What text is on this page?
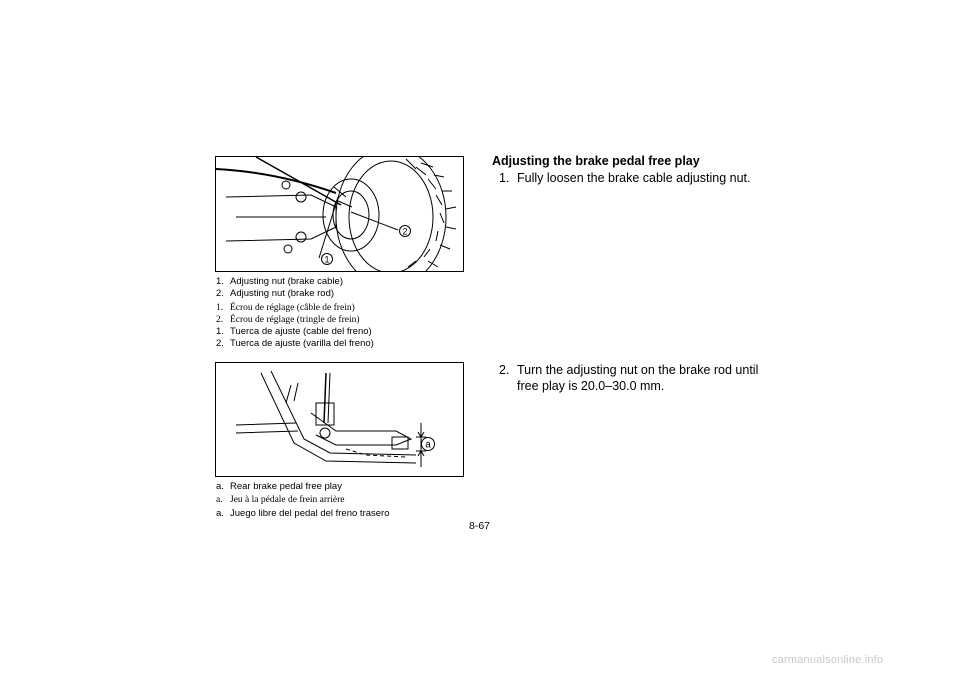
1
2
1. Adjusting nut (brake cable)
2. Adjusting nut (brake rod)
1. Écrou de réglage (câble de frein)
2. Écrou de réglage (tringle de frein)
1. Tuerca de ajuste (cable del freno)
2. Tuerca de ajuste (varilla del freno)
a
a. Rear brake pedal free play
a. Jeu à la pédale de frein arrière
a. Juego libre del pedal del freno trasero
Adjusting the brake pedal free play
1. Fully loosen the brake cable adjusting nut.
2. Turn the adjusting nut on the brake rod until
free play is 20.0–30.0 mm.
8-67
carmanualsonline.info
